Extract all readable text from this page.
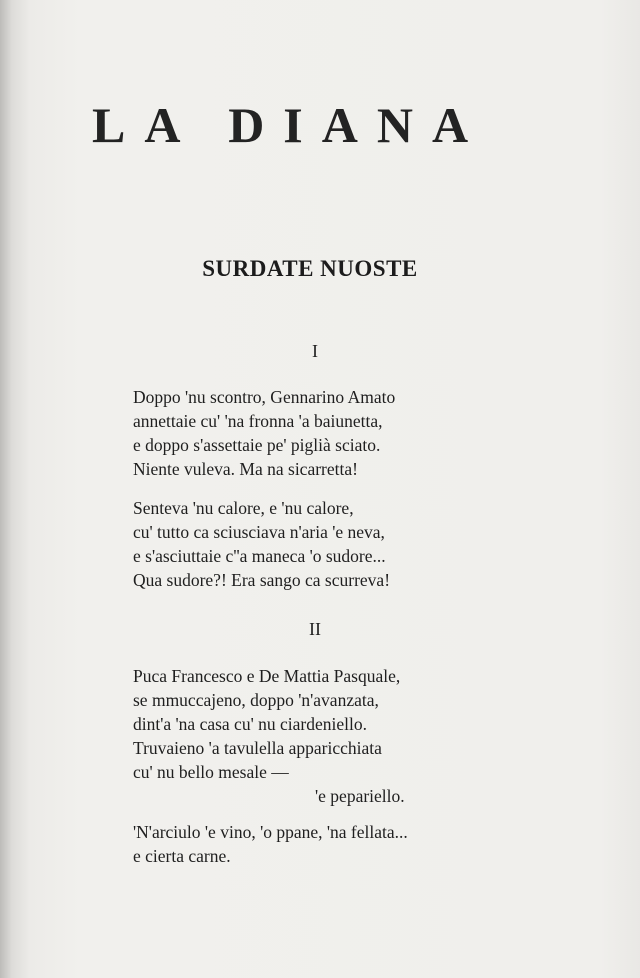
LA DIANA
SURDATE NUOSTE
I
Doppo 'nu scontro, Gennarino Amato
annettaie cu' 'na fronna 'a baiunetta,
e doppo s'assettaie pe' piglià sciato.
Niente vuleva. Ma na sicarretta!
Senteva 'nu calore, e 'nu calore,
cu' tutto ca sciusciava n'aria 'e neva,
e s'asciuttaie c''a maneca 'o sudore...
Qua sudore?! Era sango ca scurreva!
II
Puca Francesco e De Mattia Pasquale,
se mmuccajeno, doppo 'n'avanzata,
dint'a 'na casa cu' nu ciardeniello.
Truvaieno 'a tavulella apparicchiata
cu' nu bello mesale —
'e pepariello.
'N'arciulo 'e vino, 'o ppane, 'na fellata...
e cierta carne.
